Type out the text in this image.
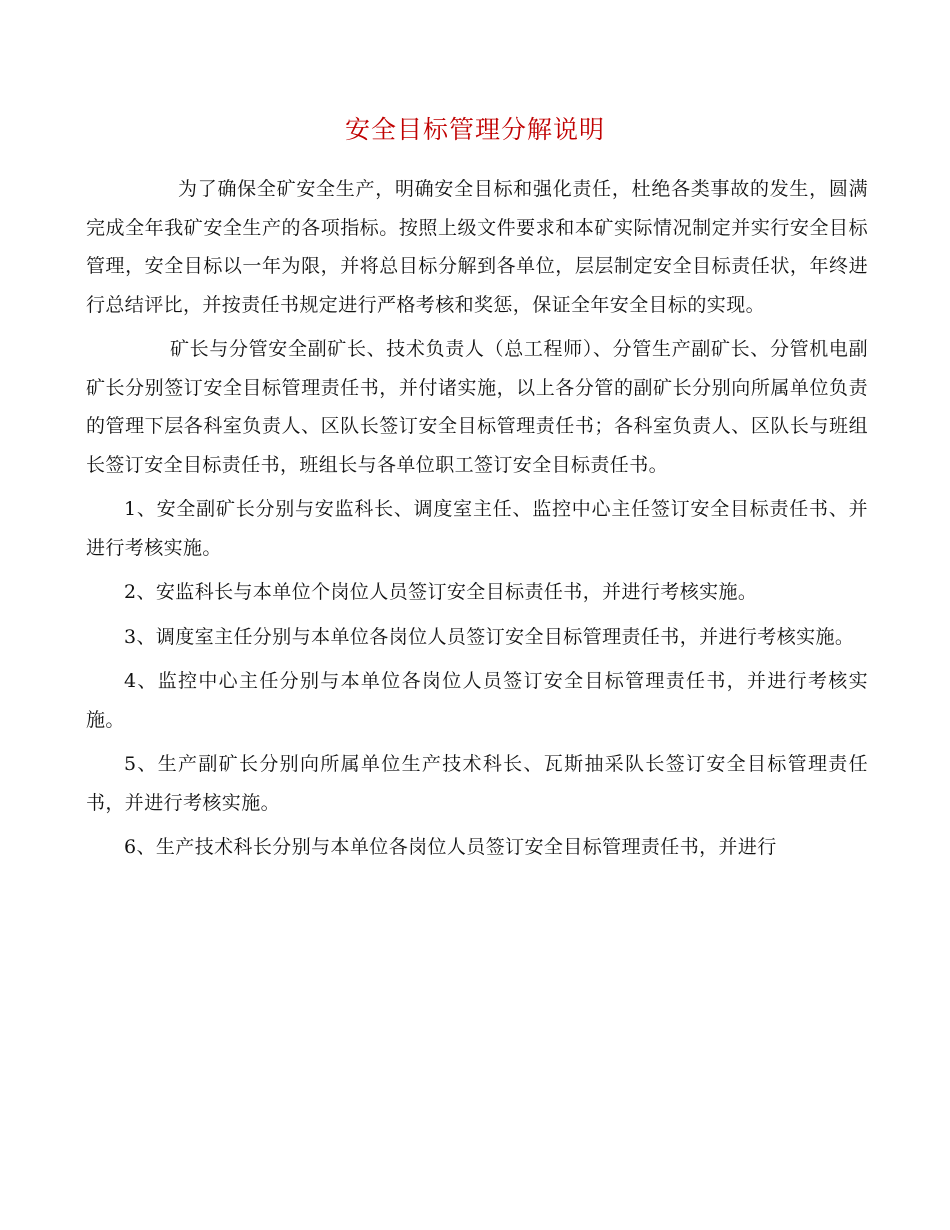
安全目标管理分解说明

为了确保全矿安全生产，明确安全目标和强化责任，杜绝各类事故的发生，圆满完成全年我矿安全生产的各项指标。按照上级文件要求和本矿实际情况制定并实行安全目标管理，安全目标以一年为限，并将总目标分解到各单位，层层制定安全目标责任状，年终进行总结评比，并按责任书规定进行严格考核和奖惩，保证全年安全目标的实现。

矿长与分管安全副矿长、技术负责人（总工程师）、分管生产副矿长、分管机电副矿长分别签订安全目标管理责任书，并付诸实施，以上各分管的副矿长分别向所属单位负责的管理下层各科室负责人、区队长签订安全目标管理责任书；各科室负责人、区队长与班组长签订安全目标责任书，班组长与各单位职工签订安全目标责任书。

1、安全副矿长分别与安监科长、调度室主任、监控中心主任签订安全目标责任书、并进行考核实施。

2、安监科长与本单位个岗位人员签订安全目标责任书，并进行考核实施。

3、调度室主任分别与本单位各岗位人员签订安全目标管理责任书，并进行考核实施。

4、监控中心主任分别与本单位各岗位人员签订安全目标管理责任书，并进行考核实施。

5、生产副矿长分别向所属单位生产技术科长、瓦斯抽采队长签订安全目标管理责任书，并进行考核实施。

6、生产技术科长分别与本单位各岗位人员签订安全目标管理责任书，并进行
